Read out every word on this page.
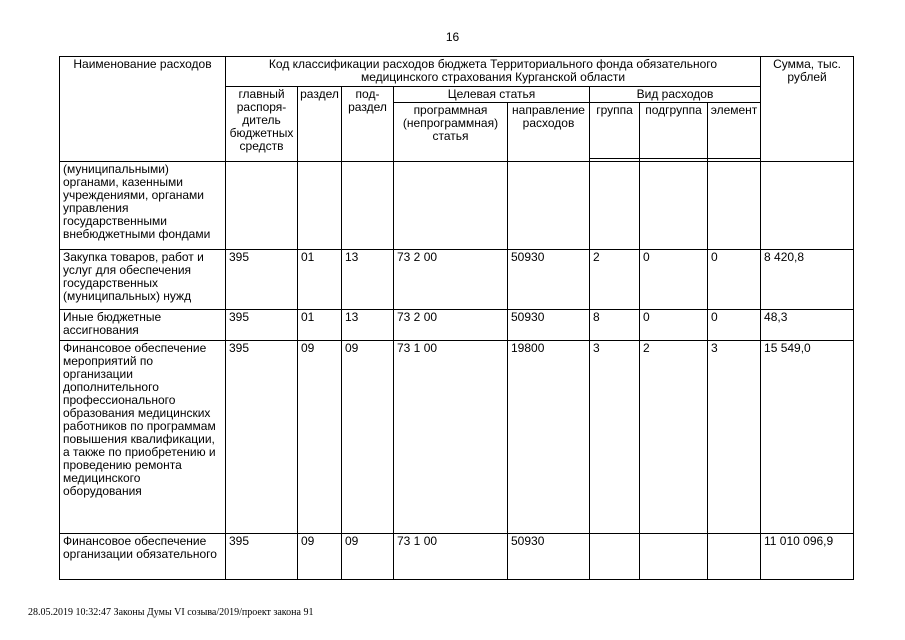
16
Наименование расходов	Код классификации расходов бюджета Территориального фонда обязательного медицинского страхования Курганской области								Сумма, тыс. рублей
	главный распоря-дитель бюджетных средств	раздел	под-раздел	Целевая статья		Вид расходов			
				программная (непрограммная) статья	направление расходов	группа	подгруппа	элемент	

(муниципальными) органами, казенными учреждениями, органами управления государственными внебюджетными фондами									
Закупка товаров, работ и услуг для обеспечения государственных (муниципальных) нужд	395	01	13	73 2 00	50930	2	0	0	8 420,8
Иные бюджетные ассигнования	395	01	13	73 2 00	50930	8	0	0	48,3
Финансовое обеспечение мероприятий по организации дополнительного профессионального образования медицинских работников по программам повышения квалификации, а также по приобретению и проведению ремонта медицинского оборудования	395	09	09	73 1 00	19800	3	2	3	15 549,0
Финансовое обеспечение организации обязательного	395	09	09	73 1 00	50930				11 010 096,9
28.05.2019 10:32:47 Законы Думы VI созыва/2019/проект закона 91
